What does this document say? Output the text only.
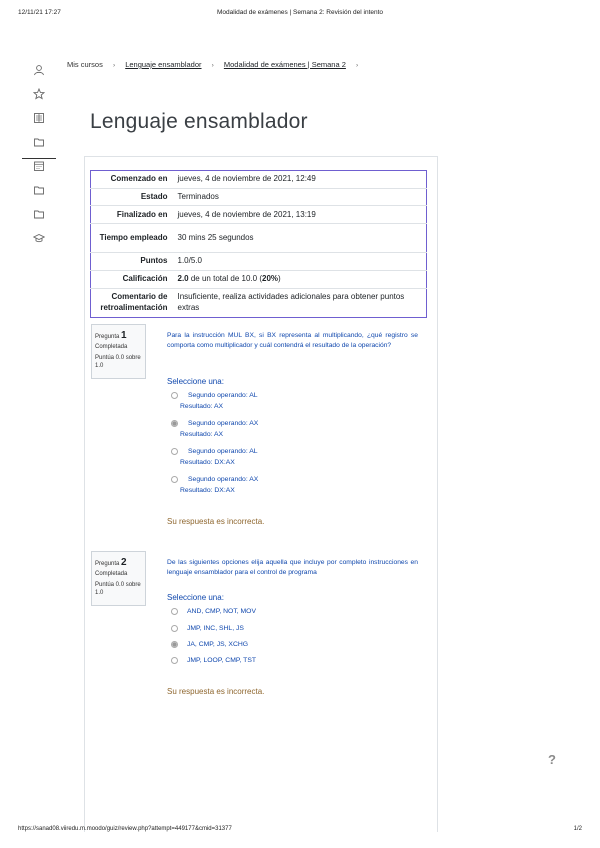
12/11/21 17:27	Modalidad de exámenes | Semana 2: Revisión del intento
Mis cursos › Lenguaje ensamblador › Modalidad de exámenes | Semana 2 ›
Lenguaje ensamblador
Comenzado en	jueves, 4 de noviembre de 2021, 12:49
Estado	Terminados
Finalizado en	jueves, 4 de noviembre de 2021, 13:19
Tiempo empleado	30 mins 25 segundos
Puntos	1.0/5.0
Calificación	2.0 de un total de 10.0 (20%)
Comentario de retroalimentación	Insuficiente, realiza actividades adicionales para obtener puntos extras
Pregunta 1
Completada
Puntúa 0.0 sobre 1.0
Para la instrucción MUL BX, si BX representa al multiplicando, ¿qué registro se comporta como multiplicador y cuál contendrá el resultado de la operación?
Seleccione una:
Segundo operando: AL
Resultado: AX
Segundo operando: AX
Resultado: AX
Segundo operando: AL
Resultado: DX:AX
Segundo operando: AX
Resultado: DX:AX
Su respuesta es incorrecta.
Pregunta 2
Completada
Puntúa 0.0 sobre 1.0
De las siguientes opciones elija aquella que incluye por completo instrucciones en lenguaje ensamblador para el control de programa
Seleccione una:
AND, CMP, NOT, MOV
JMP, INC, SHL, JS
JA, CMP, JS, XCHG
JMP, LOOP, CMP, TST
Su respuesta es incorrecta.
?
https://sanad08.viiredu.m.moodo/guiz/review.php?attempt=449177&cmid=31377	1/2
